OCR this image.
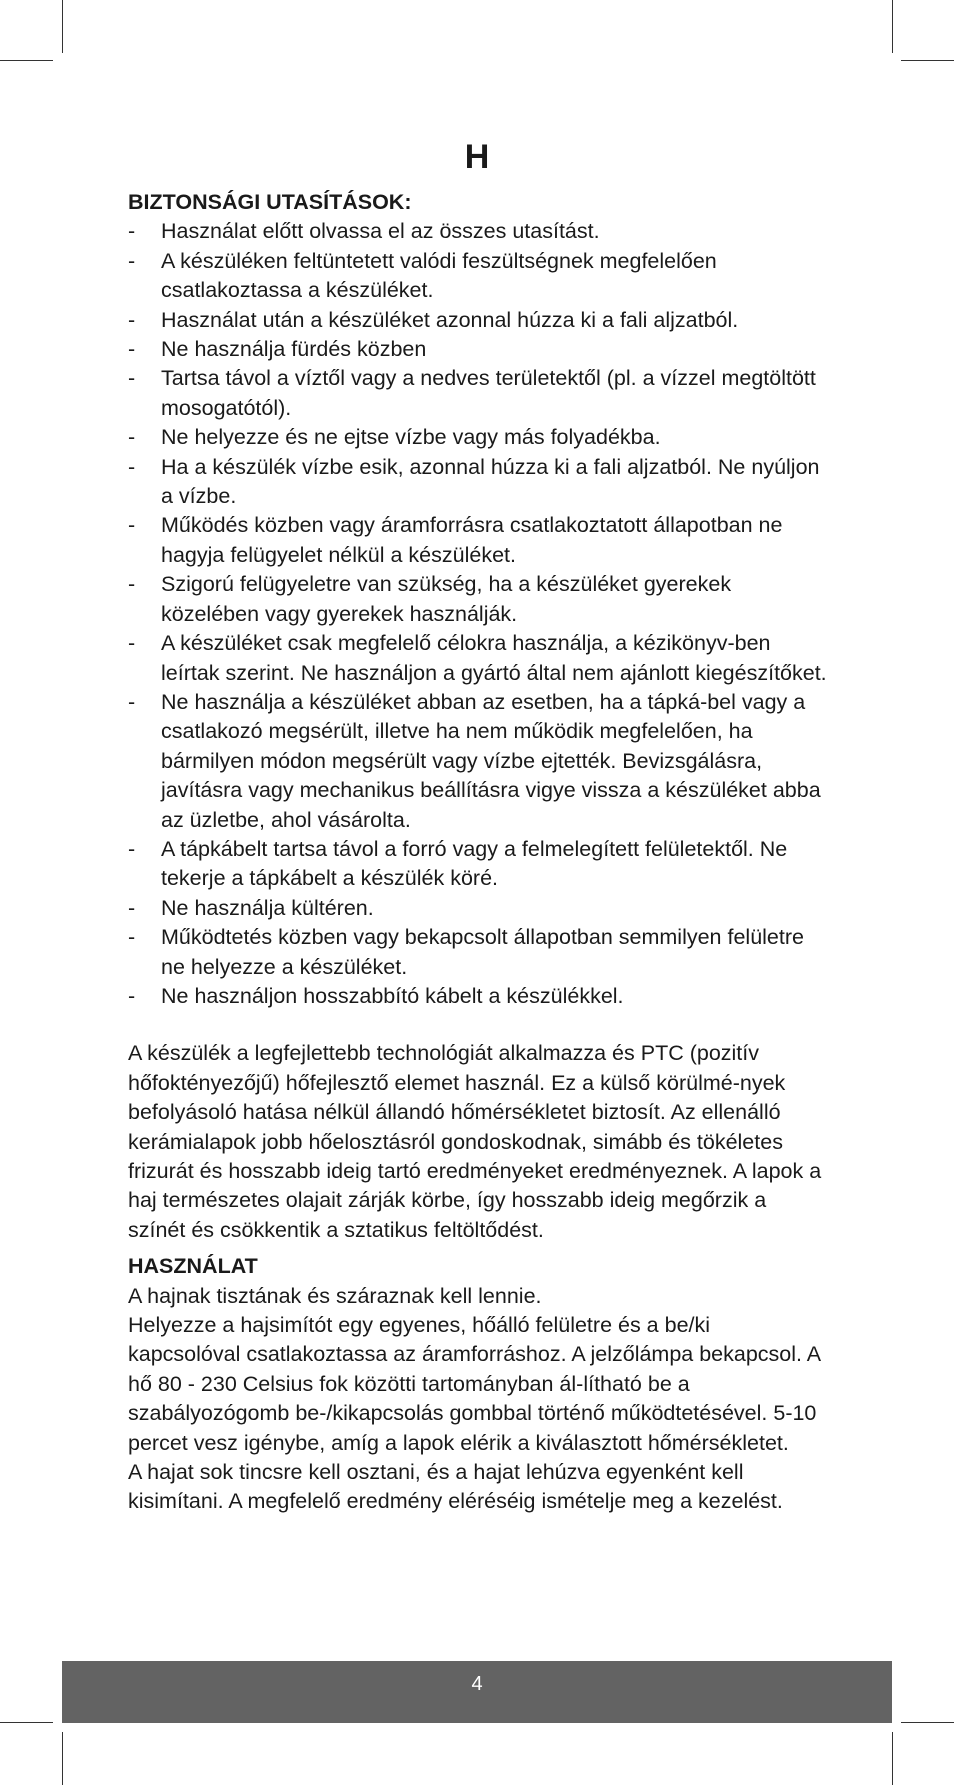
H

BIZTONSÁGI UTASÍTÁSOK:

- Használat előtt olvassa el az összes utasítást.
- A készüléken feltüntetett valódi feszültségnek megfelelően csatlakoztassa a készüléket.
- Használat után a készüléket azonnal húzza ki a fali aljzatból.
- Ne használja fürdés közben
- Tartsa távol a víztől vagy a nedves területektől (pl. a vízzel megtöltött mosogatótól).
- Ne helyezze és ne ejtse vízbe vagy más folyadékba.
- Ha a készülék vízbe esik, azonnal húzza ki a fali aljzatból. Ne nyúljon a vízbe.
- Működés közben vagy áramforrásra csatlakoztatott állapotban ne hagyja felügyelet nélkül a készüléket.
- Szigorú felügyeletre van szükség, ha a készüléket gyerekek közelében vagy gyerekek használják.
- A készüléket csak megfelelő célokra használja, a kézikönyv-ben leírtak szerint. Ne használjon a gyártó által nem ajánlott kiegészítőket.
- Ne használja a készüléket abban az esetben, ha a tápká-bel vagy a csatlakozó megsérült, illetve ha nem működik megfelelően, ha bármilyen módon megsérült vagy vízbe ejtették. Bevizsgálásra, javításra vagy mechanikus beállításra vigye vissza a készüléket abba az üzletbe, ahol vásárolta.
- A tápkábelt tartsa távol a forró vagy a felmelegített felületektől. Ne tekerje a tápkábelt a készülék köré.
- Ne használja kültéren.
- Működtetés közben vagy bekapcsolt állapotban semmilyen felületre ne helyezze a készüléket.
- Ne használjon hosszabbító kábelt a készülékkel.

A készülék a legfejlettebb technológiát alkalmazza és PTC (pozitív hőfoktényezőjű) hőfejlesztő elemet használ. Ez a külső körülmé-nyek befolyásoló hatása nélkül állandó hőmérsékletet biztosít. Az ellenálló kerámialapok jobb hőelosztásról gondoskodnak, simább és tökéletes frizurát és hosszabb ideig tartó eredményeket eredményeznek. A lapok a haj természetes olajait zárják körbe, így hosszabb ideig megőrzik a színét és csökkentik a sztatikus feltöltődést.

HASZNÁLAT

A hajnak tisztának és száraznak kell lennie.

Helyezze a hajsimítót egy egyenes, hőálló felületre és a be/ki kapcsolóval csatlakoztassa az áramforráshoz. A jelzőlámpa bekapcsol. A hő 80 - 230 Celsius fok közötti tartományban ál-lítható be a szabályozógomb be-/kikapcsolás gombbal történő működtetésével. 5-10 percet vesz igénybe, amíg a lapok elérik a kiválasztott hőmérsékletet.

A hajat sok tincsre kell osztani, és a hajat lehúzva egyenként kell kisimítani. A megfelelő eredmény eléréséig ismételje meg a kezelést.

4
